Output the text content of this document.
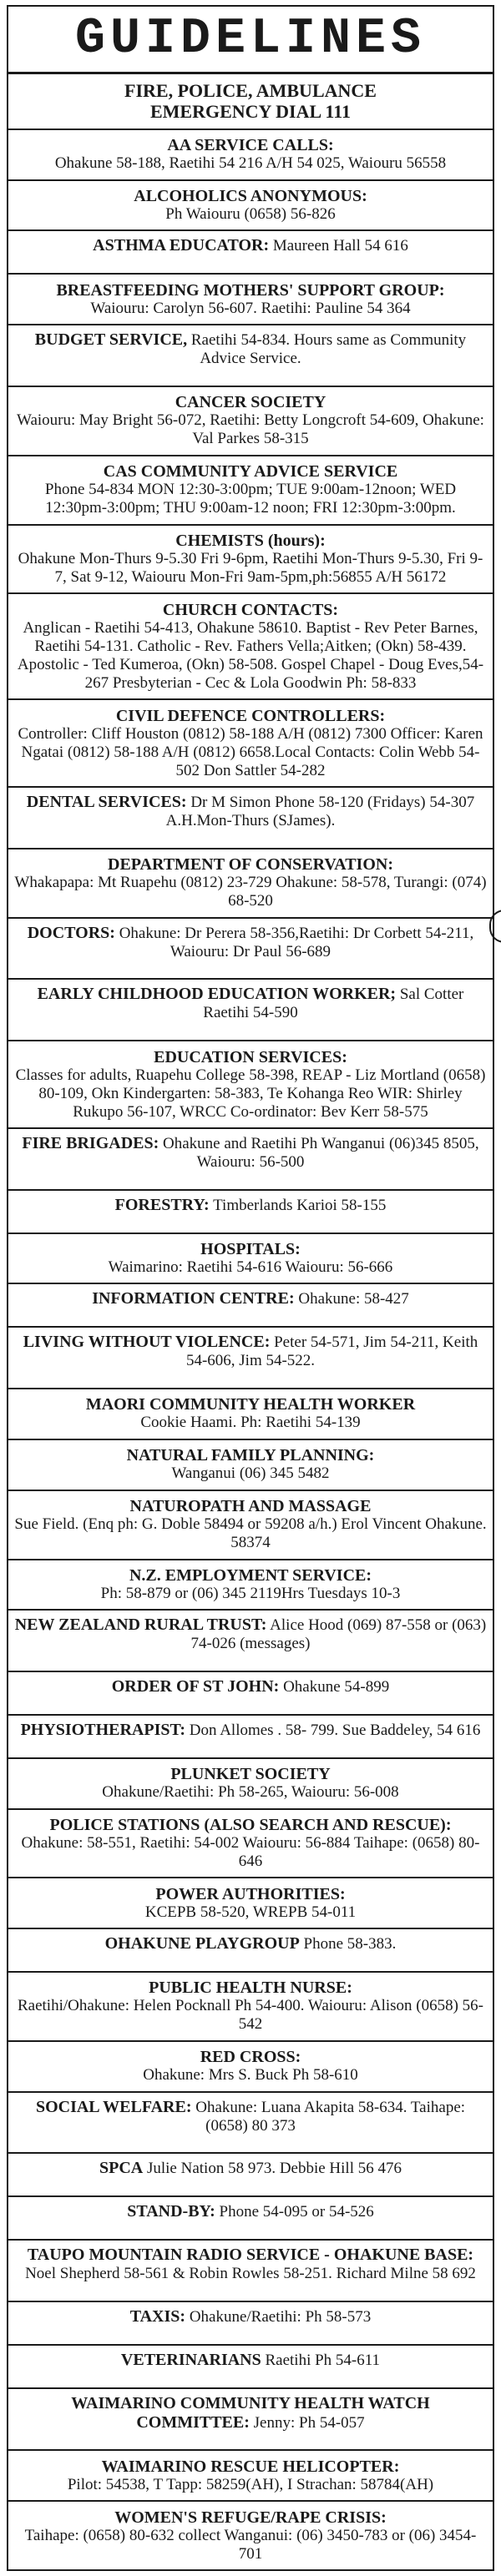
GUIDELINES
FIRE, POLICE, AMBULANCE
EMERGENCY DIAL 111
AA SERVICE CALLS:
Ohakune 58-188, Raetihi 54 216 A/H 54 025, Waiouru 56558
ALCOHOLICS ANONYMOUS:
Ph Waiouru (0658) 56-826
ASTHMA EDUCATOR: Maureen Hall 54 616
BREASTFEEDING MOTHERS' SUPPORT GROUP:
Waiouru: Carolyn 56-607. Raetihi: Pauline 54 364
BUDGET SERVICE, Raetihi 54-834. Hours same as Community Advice Service.
CANCER SOCIETY
Waiouru: May Bright 56-072, Raetihi: Betty Longcroft 54-609, Ohakune: Val Parkes 58-315
CAS COMMUNITY ADVICE SERVICE
Phone 54-834 MON 12:30-3:00pm; TUE 9:00am-12noon; WED 12:30pm-3:00pm; THU 9:00am-12 noon; FRI 12:30pm-3:00pm.
CHEMISTS (hours):
Ohakune Mon-Thurs 9-5.30 Fri 9-6pm, Raetihi Mon-Thurs 9-5.30, Fri 9-7, Sat 9-12, Waiouru Mon-Fri 9am-5pm,ph:56855 A/H 56172
CHURCH CONTACTS:
Anglican - Raetihi 54-413, Ohakune 58610. Baptist - Rev Peter Barnes, Raetihi 54-131. Catholic - Rev. Fathers Vella;Aitken; (Okn) 58-439. Apostolic - Ted Kumeroa, (Okn) 58-508. Gospel Chapel - Doug Eves,54-267 Presbyterian - Cec & Lola Goodwin Ph: 58-833
CIVIL DEFENCE CONTROLLERS:
Controller: Cliff Houston (0812) 58-188 A/H (0812) 7300 Officer: Karen Ngatai (0812) 58-188 A/H (0812) 6658.Local Contacts: Colin Webb 54-502 Don Sattler 54-282
DENTAL SERVICES: Dr M Simon Phone 58-120 (Fridays) 54-307 A.H.Mon-Thurs (SJames).
DEPARTMENT OF CONSERVATION:
Whakapapa: Mt Ruapehu (0812) 23-729 Ohakune: 58-578, Turangi: (074) 68-520
DOCTORS: Ohakune: Dr Perera 58-356,Raetihi: Dr Corbett 54-211, Waiouru: Dr Paul 56-689
EARLY CHILDHOOD EDUCATION WORKER; Sal Cotter Raetihi 54-590
EDUCATION SERVICES:
Classes for adults, Ruapehu College 58-398, REAP - Liz Mortland (0658) 80-109, Okn Kindergarten: 58-383, Te Kohanga Reo WIR: Shirley Rukupo 56-107, WRCC Co-ordinator: Bev Kerr 58-575
FIRE BRIGADES: Ohakune and Raetihi Ph Wanganui (06)345 8505, Waiouru: 56-500
FORESTRY: Timberlands Karioi 58-155
HOSPITALS:
Waimarino: Raetihi 54-616 Waiouru: 56-666
INFORMATION CENTRE: Ohakune: 58-427
LIVING WITHOUT VIOLENCE: Peter 54-571, Jim 54-211, Keith 54-606, Jim 54-522.
MAORI COMMUNITY HEALTH WORKER
Cookie Haami. Ph: Raetihi 54-139
NATURAL FAMILY PLANNING:
Wanganui (06) 345 5482
NATUROPATH AND MASSAGE
Sue Field. (Enq ph: G. Doble 58494 or 59208 a/h.) Erol Vincent Ohakune. 58374
N.Z. EMPLOYMENT SERVICE:
Ph: 58-879 or (06) 345 2119Hrs Tuesdays 10-3
NEW ZEALAND RURAL TRUST: Alice Hood (069) 87-558 or (063) 74-026 (messages)
ORDER OF ST JOHN: Ohakune 54-899
PHYSIOTHERAPIST: Don Allomes . 58- 799. Sue Baddeley, 54 616
PLUNKET SOCIETY
Ohakune/Raetihi: Ph 58-265, Waiouru: 56-008
POLICE STATIONS (ALSO SEARCH AND RESCUE):
Ohakune: 58-551, Raetihi: 54-002 Waiouru: 56-884 Taihape: (0658) 80-646
POWER AUTHORITIES:
KCEPB 58-520, WREPB 54-011
OHAKUNE PLAYGROUP Phone 58-383.
PUBLIC HEALTH NURSE:
Raetihi/Ohakune: Helen Pocknall Ph 54-400. Waiouru: Alison (0658) 56-542
RED CROSS:
Ohakune: Mrs S. Buck Ph 58-610
SOCIAL WELFARE: Ohakune: Luana Akapita 58-634. Taihape: (0658) 80 373
SPCA Julie Nation 58 973. Debbie Hill 56 476
STAND-BY: Phone 54-095 or 54-526
TAUPO MOUNTAIN RADIO SERVICE - OHAKUNE BASE:Noel Shepherd 58-561 & Robin Rowles 58-251. Richard Milne 58 692
TAXIS: Ohakune/Raetihi: Ph 58-573
VETERINARIANS Raetihi Ph 54-611
WAIMARINO COMMUNITY HEALTH WATCH COMMITTEE: Jenny: Ph 54-057
WAIMARINO RESCUE HELICOPTER:
Pilot: 54538, T Tapp: 58259(AH), I Strachan: 58784(AH)
WOMEN'S REFUGE/RAPE CRISIS:
Taihape: (0658) 80-632 collect Wanganui: (06) 3450-783 or (06) 3454-701
